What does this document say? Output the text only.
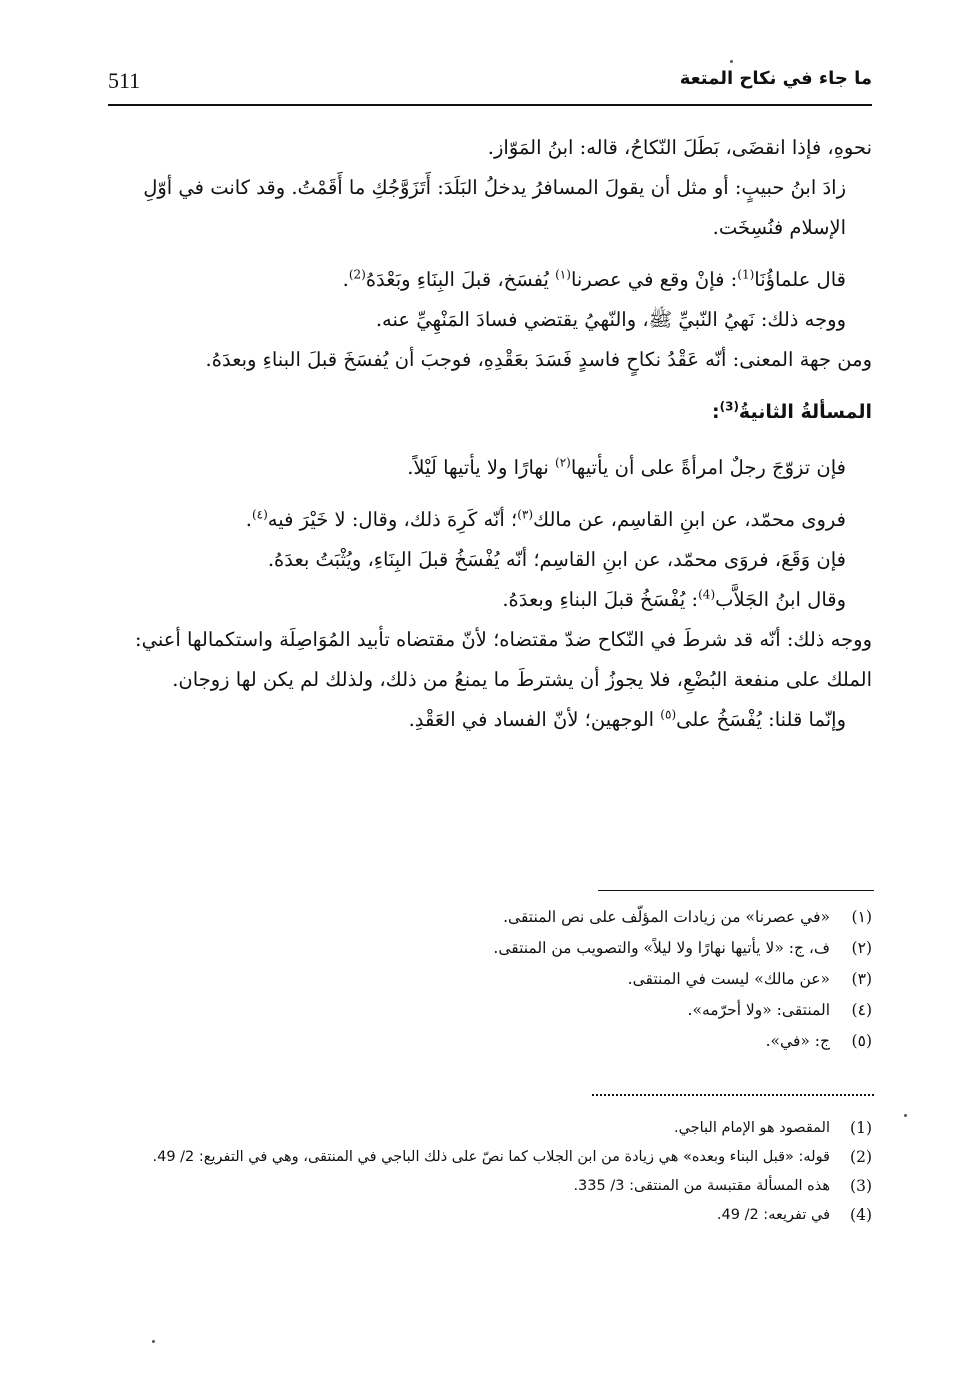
511	ما جاء في نكاح المتعة

نحوهِ، فإذا انقضَى، بَطَلَ النّكاحُ، قاله: ابنُ المَوّاز.

زادَ ابنُ حبيبٍ: أو مثل أن يقولَ المسافرُ يدخلُ البَلَدَ: أَتَزَوَّجُكِ ما أَقَمْتُ. وقد كانت في أوّلِ الإسلام فنُسِخَت.

قال علماؤُنَا$^{(1)}$: فإنْ وقع في عصرنا$^{(١)}$ يُفسَخ، قبلَ البِنَاءِ وبَعْدَهُ$^{(2)}$.

ووجه ذلك: نَهيُ النّبيِّ ﷺ، والنّهيُ يقتضي فسادَ المَنْهِيِّ عنه.

ومن جهة المعنى: أنّه عَقْدُ نكاحٍ فاسدٍ فَسَدَ بعَقْدِهِ، فوجبَ أن يُفسَخَ قبلَ البناءِ وبعدَهُ.

المسألةُ الثانيةُ$^{(3)}$:

فإن تزوّجَ رجلٌ امرأةً على أن يأتيها$^{(٢)}$ نهارًا ولا يأتيها لَيْلاً.

فروى محمّد، عن ابنِ القاسِم، عن مالك$^{(٣)}$؛ أنّه كَرِهَ ذلك، وقال: لا خَيْرَ فيه$^{(٤)}$.

فإن وَقَعَ، فروَى محمّد، عن ابنِ القاسِم؛ أنّه يُفْسَخُ قبلَ البِنَاءِ، ويُثْبَتُ بعدَهُ.

وقال ابنُ الجَلاَّب$^{(4)}$: يُفْسَخُ قبلَ البناءِ وبعدَهُ.

ووجه ذلك: أنّه قد شرطَ في النّكاح ضدّ مقتضاه؛ لأنّ مقتضاه تأبيد المُوَاصِلَة واستكمالها أعني: الملك على منفعة البُضْعِ، فلا يجوزُ أن يشترطَ ما يمنعُ من ذلك، ولذلك لم يكن لها زوجان.

وإنّما قلنا: يُفْسَخُ على$^{(٥)}$ الوجهين؛ لأنّ الفساد في العَقْدِ.

(١)
«في عصرنا» من زيادات المؤلّف على نص المنتقى.
(٢)
ف، ج: «لا يأتيها نهارًا ولا ليلاً» والتصويب من المنتقى.
(٣)
«عن مالك» ليست في المنتقى.
(٤)
المنتقى: «ولا أحرّمه».
(٥)
ج: «في».
(1)
المقصود هو الإمام الباجي.
(2)
قوله: «قبل البناء وبعده» هي زيادة من ابن الجلاب كما نصّ على ذلك الباجي في المنتقى، وهي في التفريع: 2/ 49.
(3)
هذه المسألة مقتبسة من المنتقى: 3/ 335.
(4)
في تفريعه: 2/ 49.
